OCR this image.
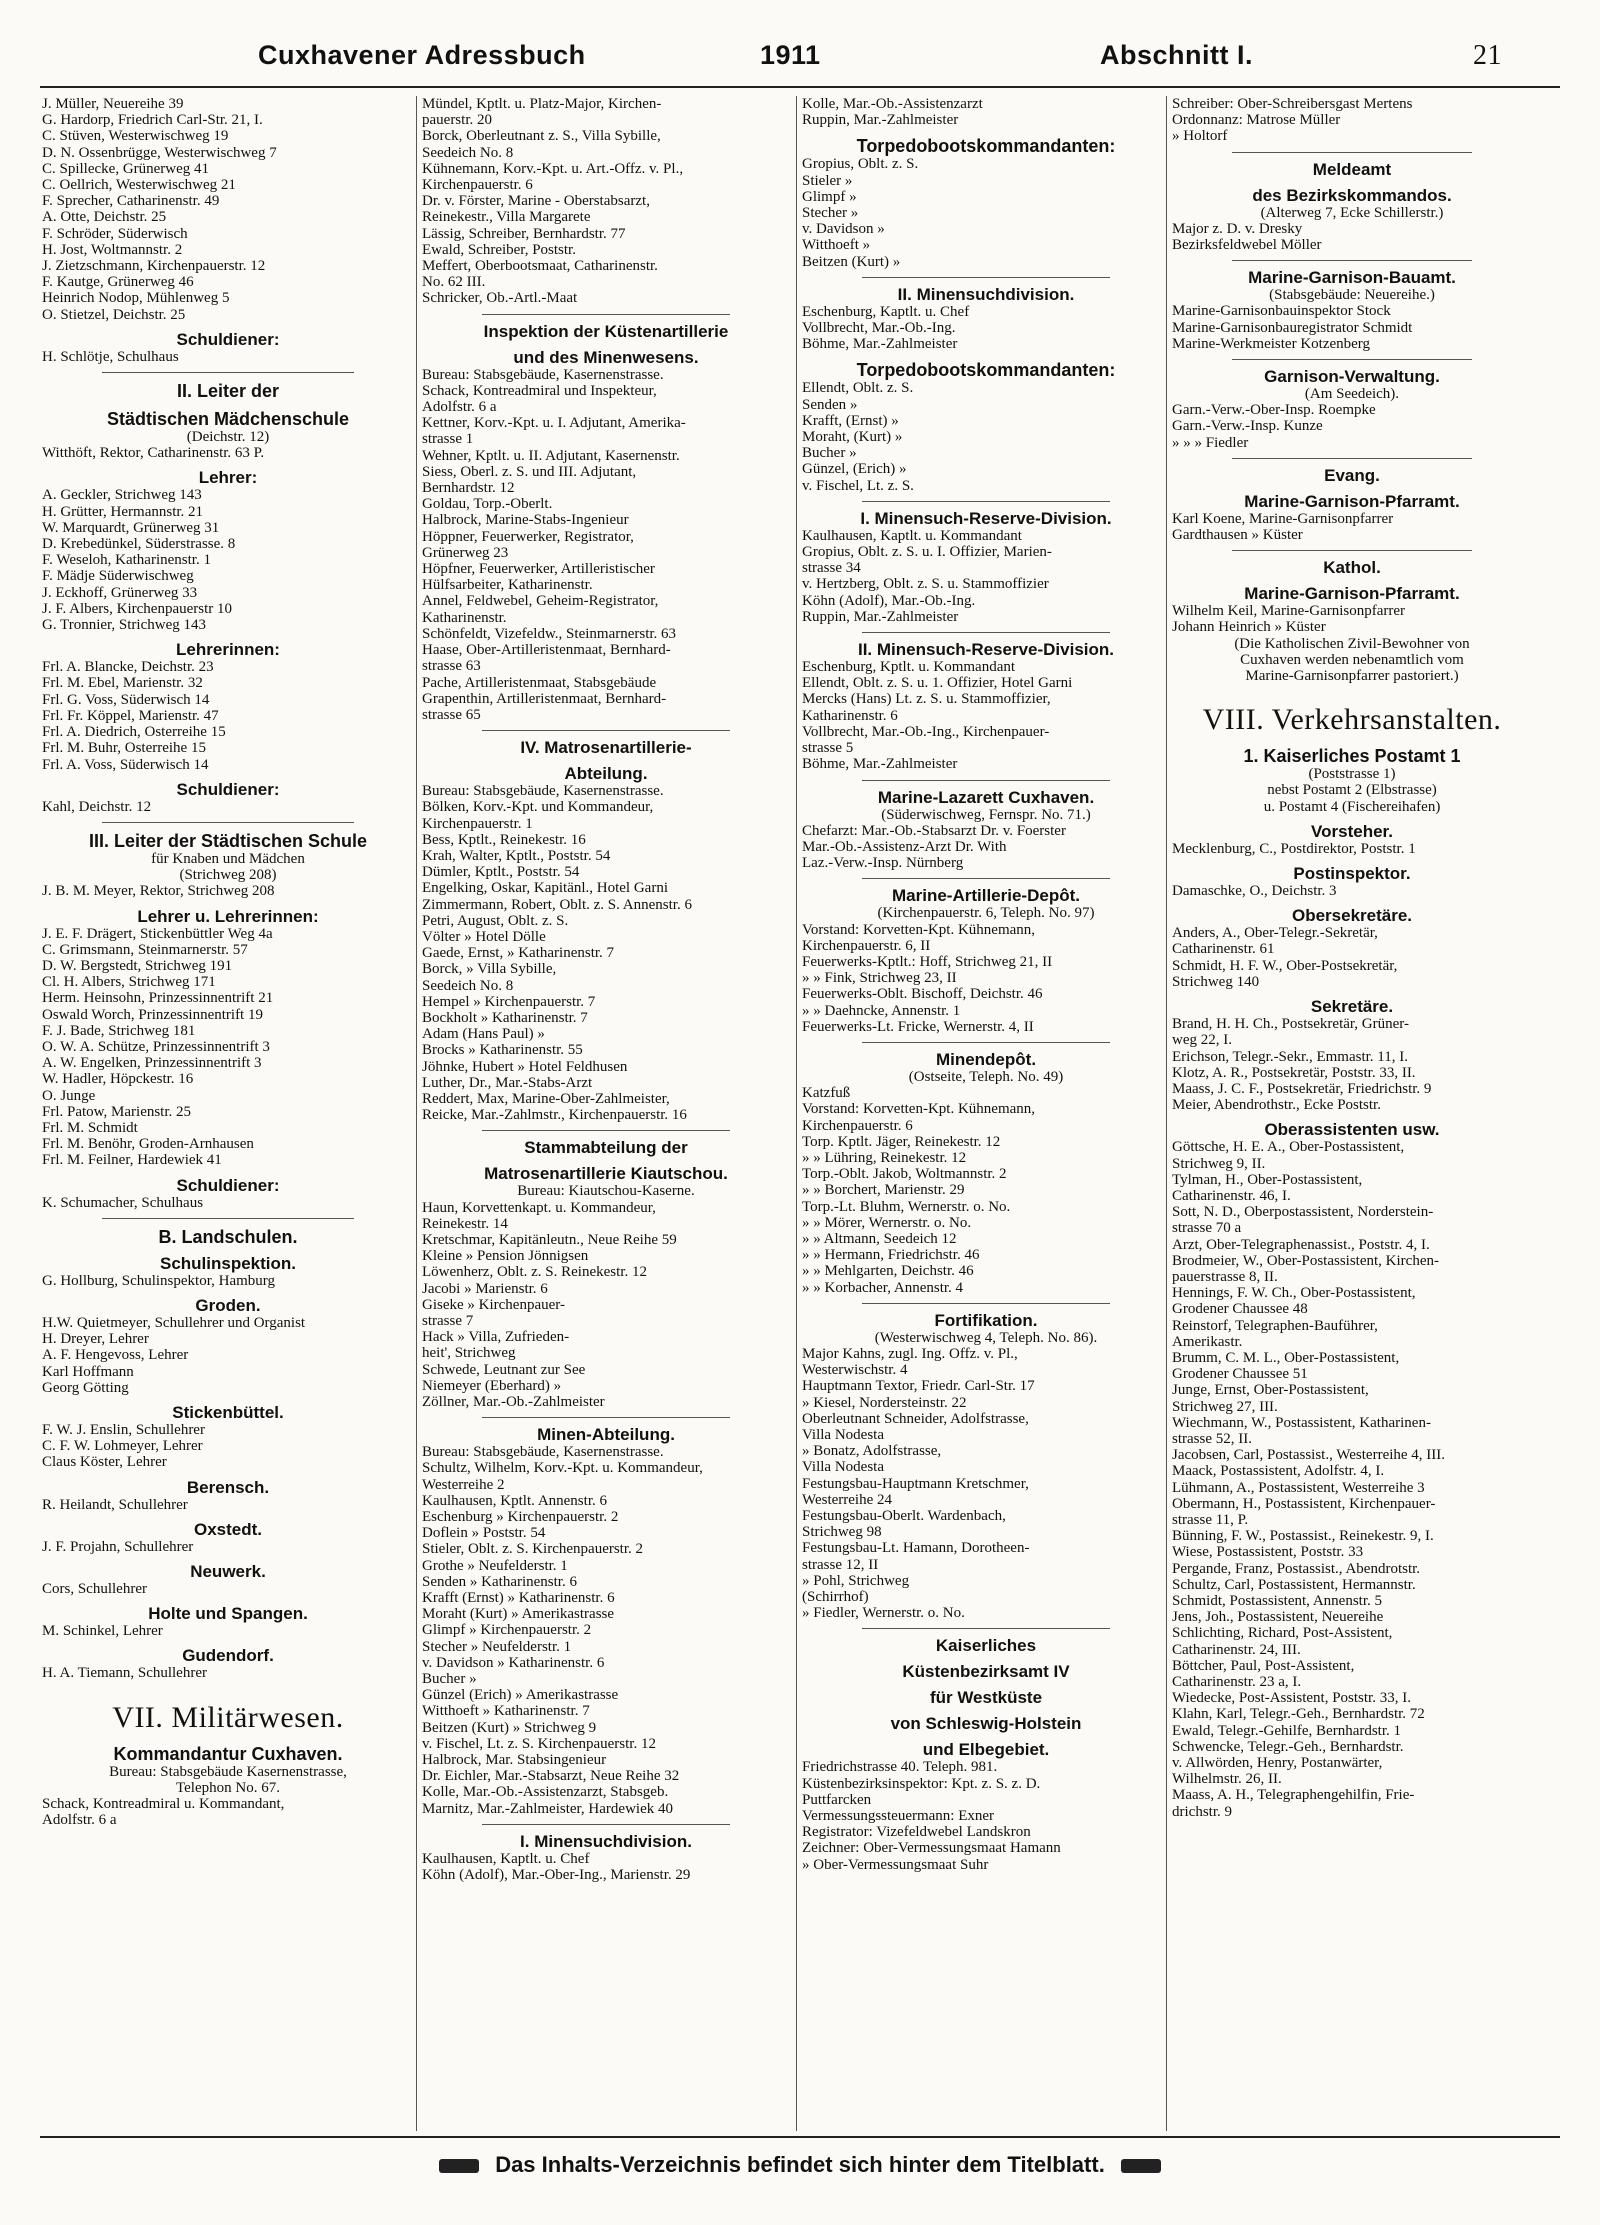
Cuxhavener Adressbuch	1911	Abschnitt I.	21
J. Müller, Neuereihe 39
G. Hardorp, Friedrich Carl-Str. 21, I.
C. Stüven, Westerwischweg 19
D. N. Ossenbrügge, Westerwischweg 7
C. Spillecke, Grünerweg 41
C. Oellrich, Westerwischweg 21
F. Sprecher, Catharinenstr. 49
A. Otte, Deichstr. 25
F. Schröder, Süderwisch
H. Jost, Woltmannstr. 2
J. Zietzschmann, Kirchenpauerstr. 12
F. Kautge, Grünerweg 46
Heinrich Nodop, Mühlenweg 5
O. Stietzel, Deichstr. 25
Schuldiener:
H. Schlötje, Schulhaus
II. Leiter der
Städtischen Mädchenschule
(Deichstr. 12)
Witthöft, Rektor, Catharinenstr. 63 P.
Lehrer:
A. Geckler, Strichweg 143
H. Grütter, Hermannstr. 21
W. Marquardt, Grünerweg 31
D. Krebedünkel, Süderstrasse. 8
F. Weseloh, Katharinenstr. 1
F. Mädje Süderwischweg
J. Eckhoff, Grünerweg 33
J. F. Albers, Kirchenpauerstr 10
G. Tronnier, Strichweg 143
Lehrerinnen:
Frl. A. Blancke, Deichstr. 23
Frl. M. Ebel, Marienstr. 32
Frl. G. Voss, Süderwisch 14
Frl. Fr. Köppel, Marienstr. 47
Frl. A. Diedrich, Osterreihe 15
Frl. M. Buhr, Osterreihe 15
Frl. A. Voss, Süderwisch 14
Schuldiener:
Kahl, Deichstr. 12
III. Leiter der Städtischen Schule
für Knaben und Mädchen
(Strichweg 208)
J. B. M. Meyer, Rektor, Strichweg 208
Lehrer u. Lehrerinnen:
J. E. F. Drägert, Stickenbüttler Weg 4a
C. Grimsmann, Steinmarnerstr. 57
D. W. Bergstedt, Strichweg 191
Cl. H. Albers, Strichweg 171
Herm. Heinsohn, Prinzessinnentrift 21
Oswald Worch, Prinzessinnentrift 19
F. J. Bade, Strichweg 181
O. W. A. Schütze, Prinzessinnentrift 3
A. W. Engelken, Prinzessinnentrift 3
W. Hadler, Höpckestr. 16
O. Junge
Frl. Patow, Marienstr. 25
Frl. M. Schmidt
Frl. M. Benöhr, Groden-Arnhausen
Frl. M. Feilner, Hardewiek 41
Schuldiener:
K. Schumacher, Schulhaus
B. Landschulen.
Schulinspektion.
G. Hollburg, Schulinspektor, Hamburg
Groden.
H.W. Quietmeyer, Schullehrer und Organist
H. Dreyer, Lehrer
A. F. Hengevoss, Lehrer
Karl Hoffmann
Georg Götting
Stickenbüttel.
F. W. J. Enslin, Schullehrer
C. F. W. Lohmeyer, Lehrer
Claus Köster, Lehrer
Berensch.
R. Heilandt, Schullehrer
Oxstedt.
J. F. Projahn, Schullehrer
Neuwerk.
Cors, Schullehrer
Holte und Spangen.
M. Schinkel, Lehrer
Gudendorf.
H. A. Tiemann, Schullehrer
VII. Militärwesen.
Kommandantur Cuxhaven.
Bureau: Stabsgebäude Kasernenstrasse,
Telephon No. 67.
Schack, Kontreadmiral u. Kommandant,
Adolfstr. 6 a
Mündel, Kptlt. u. Platz-Major, Kirchen-
pauerstr. 20
Borck, Oberleutnant z. S., Villa Sybille,
Seedeich No. 8
Kühnemann, Korv.-Kpt. u. Art.-Offz. v. Pl.,
Kirchenpauerstr. 6
Dr. v. Förster, Marine - Oberstabsarzt,
Reinekestr., Villa Margarete
Lässig, Schreiber, Bernhardstr. 77
Ewald, Schreiber, Poststr.
Meffert, Oberbootsmaat, Catharinenstr.
No. 62 III.
Schricker, Ob.-Artl.-Maat
Inspektion der Küstenartillerie
und des Minenwesens.
Bureau: Stabsgebäude, Kasernenstrasse.
Schack, Kontreadmiral und Inspekteur,
Adolfstr. 6 a
Kettner, Korv.-Kpt. u. I. Adjutant, Amerika-
strasse 1
Wehner, Kptlt. u. II. Adjutant, Kasernenstr.
Siess, Oberl. z. S. und III. Adjutant,
Bernhardstr. 12
Goldau, Torp.-Oberlt.
Halbrock, Marine-Stabs-Ingenieur
Höppner, Feuerwerker, Registrator,
Grünerweg 23
Höpfner, Feuerwerker, Artilleristischer
Hülfsarbeiter, Katharinenstr.
Annel, Feldwebel, Geheim-Registrator,
Katharinenstr.
Schönfeldt, Vizefeldw., Steinmarnerstr. 63
Haase, Ober-Artilleristenmaat, Bernhard-
strasse 63
Pache, Artilleristenmaat, Stabsgebäude
Grapenthin, Artilleristenmaat, Bernhard-
strasse 65
IV. Matrosenartillerie-
Abteilung.
Bureau: Stabsgebäude, Kasernenstrasse.
Bölken, Korv.-Kpt. und Kommandeur,
Kirchenpauerstr. 1
Bess, Kptlt., Reinekestr. 16
Krah, Walter, Kptlt., Poststr. 54
Dümler, Kptlt., Poststr. 54
Engelking, Oskar, Kapitänl., Hotel Garni
Zimmermann, Robert, Oblt. z. S. Annenstr. 6
Petri, August, Oblt. z. S.
Völter » Hotel Dölle
Gaede, Ernst, » Katharinenstr. 7
Borck, » Villa Sybille,
Seedeich No. 8
Hempel » Kirchenpauerstr. 7
Bockholt » Katharinenstr. 7
Adam (Hans Paul) »
Brocks » Katharinenstr. 55
Jöhnke, Hubert » Hotel Feldhusen
Luther, Dr., Mar.-Stabs-Arzt
Reddert, Max, Marine-Ober-Zahlmeister,
Reicke, Mar.-Zahlmstr., Kirchenpauerstr. 16
Stammabteilung der
Matrosenartillerie Kiautschou.
Bureau: Kiautschou-Kaserne.
Haun, Korvettenkapt. u. Kommandeur,
Reinekestr. 14
Kretschmar, Kapitänleutn., Neue Reihe 59
Kleine » Pension Jönnigsen
Löwenherz, Oblt. z. S. Reinekestr. 12
Jacobi » Marienstr. 6
Giseke » Kirchenpauer-
strasse 7
Hack » Villa, Zufrieden-
heit', Strichweg
Schwede, Leutnant zur See
Niemeyer (Eberhard) »
Zöllner, Mar.-Ob.-Zahlmeister
Minen-Abteilung.
Bureau: Stabsgebäude, Kasernenstrasse.
Schultz, Wilhelm, Korv.-Kpt. u. Kommandeur,
Westerreihe 2
Kaulhausen, Kptlt. Annenstr. 6
Eschenburg » Kirchenpauerstr. 2
Doflein » Poststr. 54
Stieler, Oblt. z. S. Kirchenpauerstr. 2
Grothe » Neufelderstr. 1
Senden » Katharinenstr. 6
Krafft (Ernst) » Katharinenstr. 6
Moraht (Kurt) » Amerikastrasse
Glimpf » Kirchenpauerstr. 2
Stecher » Neufelderstr. 1
v. Davidson » Katharinenstr. 6
Bucher »
Günzel (Erich) » Amerikastrasse
Witthoeft » Katharinenstr. 7
Beitzen (Kurt) » Strichweg 9
v. Fischel, Lt. z. S. Kirchenpauerstr. 12
Halbrock, Mar. Stabsingenieur
Dr. Eichler, Mar.-Stabsarzt, Neue Reihe 32
Kolle, Mar.-Ob.-Assistenzarzt, Stabsgeb.
Marnitz, Mar.-Zahlmeister, Hardewiek 40
I. Minensuchdivision.
Kaulhausen, Kaptlt. u. Chef
Köhn (Adolf), Mar.-Ober-Ing., Marienstr. 29
Kolle, Mar.-Ob.-Assistenzarzt
Ruppin, Mar.-Zahlmeister
Torpedobootskommandanten:
Gropius, Oblt. z. S.
Stieler »
Glimpf »
Stecher »
v. Davidson »
Witthoeft »
Beitzen (Kurt) »
II. Minensuchdivision.
Eschenburg, Kaptlt. u. Chef
Vollbrecht, Mar.-Ob.-Ing.
Böhme, Mar.-Zahlmeister
Torpedobootskommandanten:
Ellendt, Oblt. z. S.
Senden »
Krafft, (Ernst) »
Moraht, (Kurt) »
Bucher »
Günzel, (Erich) »
v. Fischel, Lt. z. S.
I. Minensuch-Reserve-Division.
Kaulhausen, Kaptlt. u. Kommandant
Gropius, Oblt. z. S. u. I. Offizier, Marien-
strasse 34
v. Hertzberg, Oblt. z. S. u. Stammoffizier
Köhn (Adolf), Mar.-Ob.-Ing.
Ruppin, Mar.-Zahlmeister
II. Minensuch-Reserve-Division.
Eschenburg, Kptlt. u. Kommandant
Ellendt, Oblt. z. S. u. 1. Offizier, Hotel Garni
Mercks (Hans) Lt. z. S. u. Stammoffizier,
Katharinenstr. 6
Vollbrecht, Mar.-Ob.-Ing., Kirchenpauer-
strasse 5
Böhme, Mar.-Zahlmeister
Marine-Lazarett Cuxhaven.
(Süderwischweg, Fernspr. No. 71.)
Chefarzt: Mar.-Ob.-Stabsarzt Dr. v. Foerster
Mar.-Ob.-Assistenz-Arzt Dr. With
Laz.-Verw.-Insp. Nürnberg
Marine-Artillerie-Depôt.
(Kirchenpauerstr. 6, Teleph. No. 97)
Vorstand: Korvetten-Kpt. Kühnemann,
Kirchenpauerstr. 6, II
Feuerwerks-Kptlt.: Hoff, Strichweg 21, II
» » Fink, Strichweg 23, II
Feuerwerks-Oblt. Bischoff, Deichstr. 46
» » Daehncke, Annenstr. 1
Feuerwerks-Lt. Fricke, Wernerstr. 4, II
Minendepôt.
(Ostseite, Teleph. No. 49)
Katzfuß
Vorstand: Korvetten-Kpt. Kühnemann,
Kirchenpauerstr. 6
Torp. Kptlt. Jäger, Reinekestr. 12
» » Lühring, Reinekestr. 12
Torp.-Oblt. Jakob, Woltmannstr. 2
» » Borchert, Marienstr. 29
Torp.-Lt. Bluhm, Wernerstr. o. No.
» » Mörer, Wernerstr. o. No.
» » Altmann, Seedeich 12
» » Hermann, Friedrichstr. 46
» » Mehlgarten, Deichstr. 46
» » Korbacher, Annenstr. 4
Fortifikation.
(Westerwischweg 4, Teleph. No. 86).
Major Kahns, zugl. Ing. Offz. v. Pl.,
Westerwischstr. 4
Hauptmann Textor, Friedr. Carl-Str. 17
» Kiesel, Nordersteinstr. 22
Oberleutnant Schneider, Adolfstrasse,
Villa Nodesta
» Bonatz, Adolfstrasse,
Villa Nodesta
Festungsbau-Hauptmann Kretschmer,
Westerreihe 24
Festungsbau-Oberlt. Wardenbach,
Strichweg 98
Festungsbau-Lt. Hamann, Dorotheen-
strasse 12, II
» Pohl, Strichweg
(Schirrhof)
» Fiedler, Wernerstr. o. No.
Kaiserliches
Küstenbezirksamt IV
für Westküste
von Schleswig-Holstein
und Elbegebiet.
Friedrichstrasse 40. Teleph. 981.
Küstenbezirksinspektor: Kpt. z. S. z. D.
Puttfarcken
Vermessungssteuermann: Exner
Registrator: Vizefeldwebel Landskron
Zeichner: Ober-Vermessungsmaat Hamann
» Ober-Vermessungsmaat Suhr
Schreiber: Ober-Schreibersgast Mertens
Ordonnanz: Matrose Müller
» Holtorf
Meldeamt
des Bezirkskommandos.
(Alterweg 7, Ecke Schillerstr.)
Major z. D. v. Dresky
Bezirksfeldwebel Möller
Marine-Garnison-Bauamt.
(Stabsgebäude: Neuereihe.)
Marine-Garnisonbauinspektor Stock
Marine-Garnisonbauregistrator Schmidt
Marine-Werkmeister Kotzenberg
Garnison-Verwaltung.
(Am Seedeich).
Garn.-Verw.-Ober-Insp. Roempke
Garn.-Verw.-Insp. Kunze
» » » Fiedler
Evang.
Marine-Garnison-Pfarramt.
Karl Koene, Marine-Garnisonpfarrer
Gardthausen » Küster
Kathol.
Marine-Garnison-Pfarramt.
Wilhelm Keil, Marine-Garnisonpfarrer
Johann Heinrich » Küster
(Die Katholischen Zivil-Bewohner von
Cuxhaven werden nebenamtlich vom
Marine-Garnisonpfarrer pastoriert.)
VIII. Verkehrsanstalten.
1. Kaiserliches Postamt 1
(Poststrasse 1)
nebst Postamt 2 (Elbstrasse)
u. Postamt 4 (Fischereihafen)
Vorsteher.
Mecklenburg, C., Postdirektor, Poststr. 1
Postinspektor.
Damaschke, O., Deichstr. 3
Obersekretäre.
Anders, A., Ober-Telegr.-Sekretär,
Catharinenstr. 61
Schmidt, H. F. W., Ober-Postsekretär,
Strichweg 140
Sekretäre.
Brand, H. H. Ch., Postsekretär, Grüner-
weg 22, I.
Erichson, Telegr.-Sekr., Emmastr. 11, I.
Klotz, A. R., Postsekretär, Poststr. 33, II.
Maass, J. C. F., Postsekretär, Friedrichstr. 9
Meier, Abendrothstr., Ecke Poststr.
Oberassistenten usw.
Göttsche, H. E. A., Ober-Postassistent,
Strichweg 9, II.
Tylman, H., Ober-Postassistent,
Catharinenstr. 46, I.
Sott, N. D., Oberpostassistent, Norderstein-
strasse 70 a
Arzt, Ober-Telegraphenassist., Poststr. 4, I.
Brodmeier, W., Ober-Postassistent, Kirchen-
pauerstrasse 8, II.
Hennings, F. W. Ch., Ober-Postassistent,
Grodener Chaussee 48
Reinstorf, Telegraphen-Bauführer,
Amerikastr.
Brumm, C. M. L., Ober-Postassistent,
Grodener Chaussee 51
Junge, Ernst, Ober-Postassistent,
Strichweg 27, III.
Wiechmann, W., Postassistent, Katharinen-
strasse 52, II.
Jacobsen, Carl, Postassist., Westerreihe 4, III.
Maack, Postassistent, Adolfstr. 4, I.
Lühmann, A., Postassistent, Westerreihe 3
Obermann, H., Postassistent, Kirchenpauer-
strasse 11, P.
Bünning, F. W., Postassist., Reinekestr. 9, I.
Wiese, Postassistent, Poststr. 33
Pergande, Franz, Postassist., Abendrotstr.
Schultz, Carl, Postassistent, Hermannstr.
Schmidt, Postassistent, Annenstr. 5
Jens, Joh., Postassistent, Neuereihe
Schlichting, Richard, Post-Assistent,
Catharinenstr. 24, III.
Böttcher, Paul, Post-Assistent,
Catharinenstr. 23 a, I.
Wiedecke, Post-Assistent, Poststr. 33, I.
Klahn, Karl, Telegr.-Geh., Bernhardstr. 72
Ewald, Telegr.-Gehilfe, Bernhardstr. 1
Schwencke, Telegr.-Geh., Bernhardstr.
v. Allwörden, Henry, Postanwärter,
Wilhelmstr. 26, II.
Maass, A. H., Telegraphengehilfin, Frie-
drichstr. 9
Das Inhalts-Verzeichnis befindet sich hinter dem Titelblatt.
